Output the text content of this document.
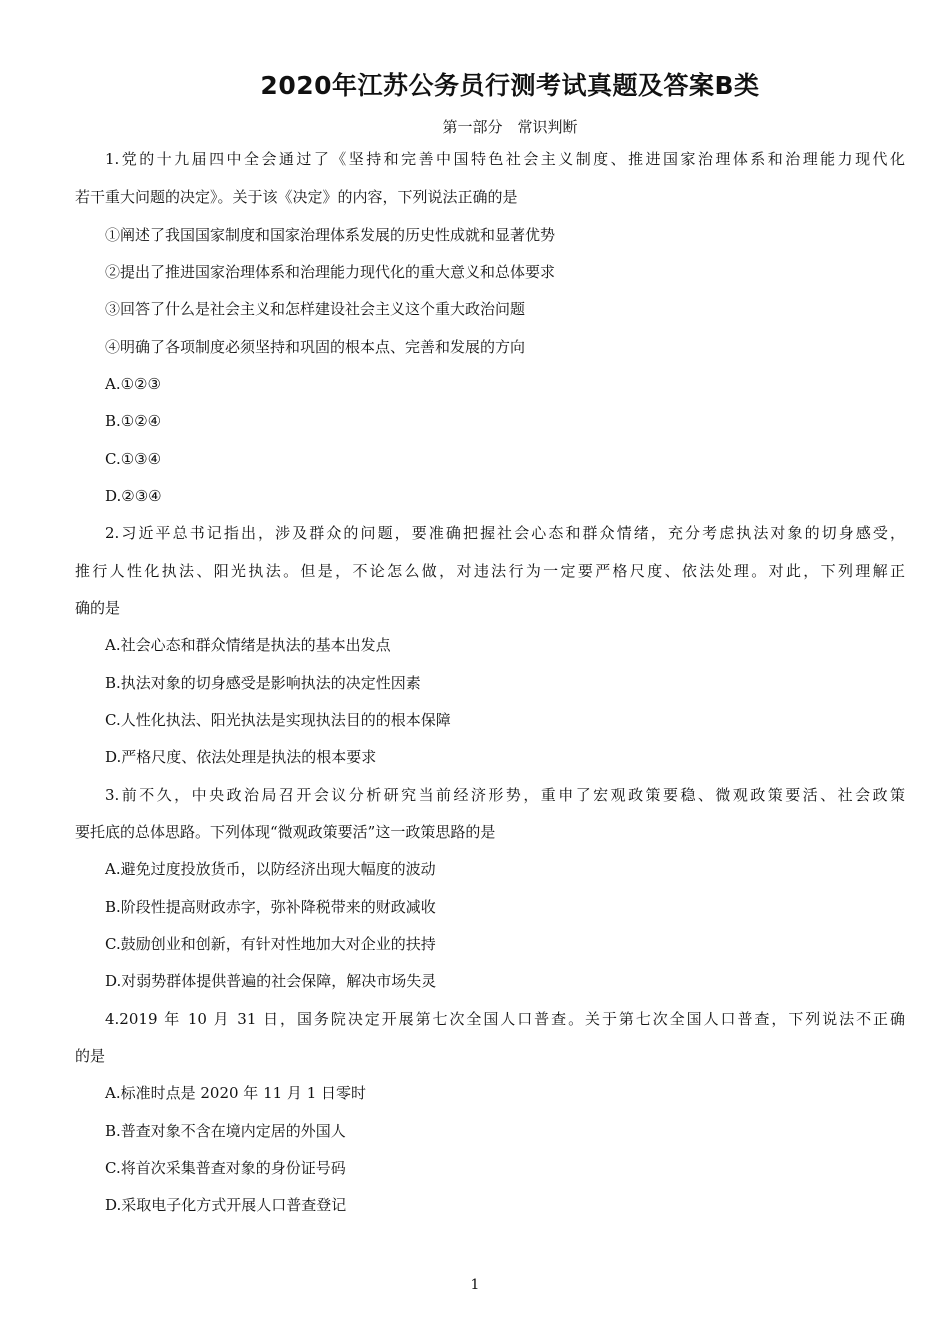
2020年江苏公务员行测考试真题及答案B类
第一部分　常识判断
1.党的十九届四中全会通过了《坚持和完善中国特色社会主义制度、推进国家治理体系和治理能力现代化
若干重大问题的决定》。关于该《决定》的内容，下列说法正确的是
①阐述了我国国家制度和国家治理体系发展的历史性成就和显著优势
②提出了推进国家治理体系和治理能力现代化的重大意义和总体要求
③回答了什么是社会主义和怎样建设社会主义这个重大政治问题
④明确了各项制度必须坚持和巩固的根本点、完善和发展的方向
A.①②③
B.①②④
C.①③④
D.②③④
2.习近平总书记指出，涉及群众的问题，要准确把握社会心态和群众情绪，充分考虑执法对象的切身感受，
推行人性化执法、阳光执法。但是，不论怎么做，对违法行为一定要严格尺度、依法处理。对此，下列理解正
确的是
A.社会心态和群众情绪是执法的基本出发点
B.执法对象的切身感受是影响执法的决定性因素
C.人性化执法、阳光执法是实现执法目的的根本保障
D.严格尺度、依法处理是执法的根本要求
3.前不久，中央政治局召开会议分析研究当前经济形势，重申了宏观政策要稳、微观政策要活、社会政策
要托底的总体思路。下列体现“微观政策要活”这一政策思路的是
A.避免过度投放货币，以防经济出现大幅度的波动
B.阶段性提高财政赤字，弥补降税带来的财政减收
C.鼓励创业和创新，有针对性地加大对企业的扶持
D.对弱势群体提供普遍的社会保障，解决市场失灵
4.2019 年 10 月 31 日，国务院决定开展第七次全国人口普查。关于第七次全国人口普查，下列说法不正确
的是
A.标准时点是 2020 年 11 月 1 日零时
B.普查对象不含在境内定居的外国人
C.将首次采集普查对象的身份证号码
D.采取电子化方式开展人口普查登记
1
